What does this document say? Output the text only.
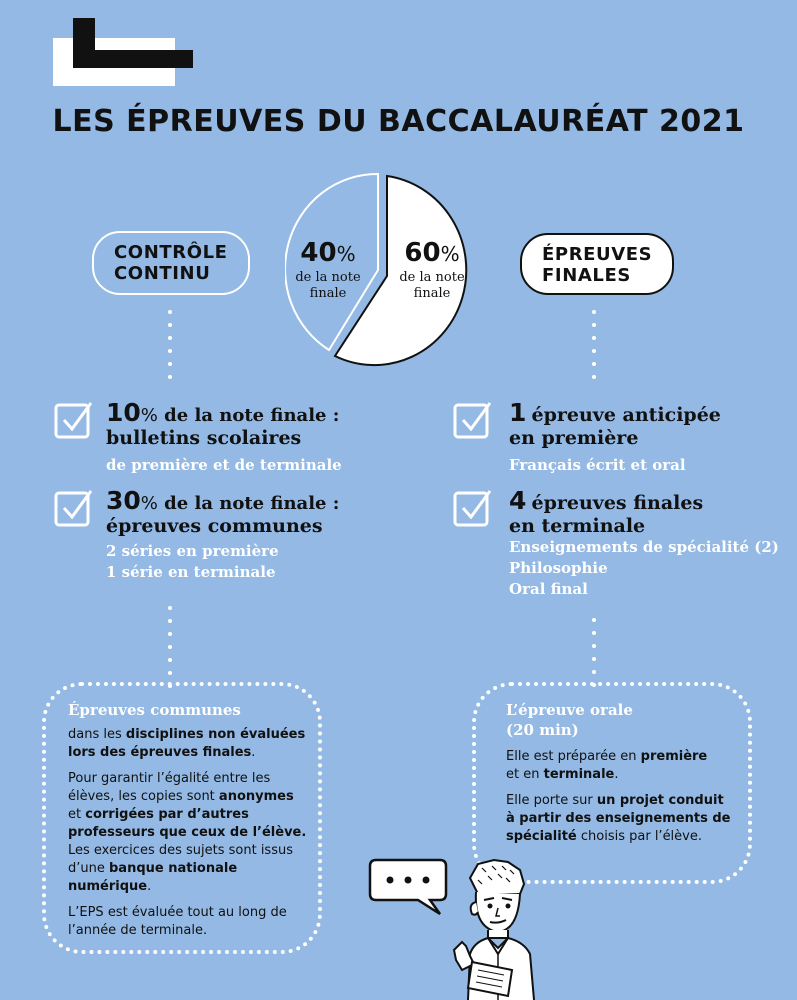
LES ÉPREUVES DU BACCALAURÉAT 2021
CONTRÔLE
CONTINU
ÉPREUVES
FINALES
40%
de la note
finale
60%
de la note
finale
10% de la note finale :
bulletins scolaires
de première et de terminale
30% de la note finale :
épreuves communes
2 séries en première
1 série en terminale
1 épreuve anticipée
en première
Français écrit et oral
4 épreuves finales
en terminale
Enseignements de spécialité (2)
Philosophie
Oral final
Épreuves communes

dans les disciplines non évaluées lors des épreuves finales.

Pour garantir l’égalité entre les élèves, les copies sont anonymes et corrigées par d’autres professeurs que ceux de l’élève.
Les exercices des sujets sont issus d’une banque nationale numérique.

L’EPS est évaluée tout au long de l’année de terminale.

L’épreuve orale
(20 min)

Elle est préparée en première
et en terminale.

Elle porte sur un projet conduit à partir des enseignements de spécialité choisis par l’élève.
